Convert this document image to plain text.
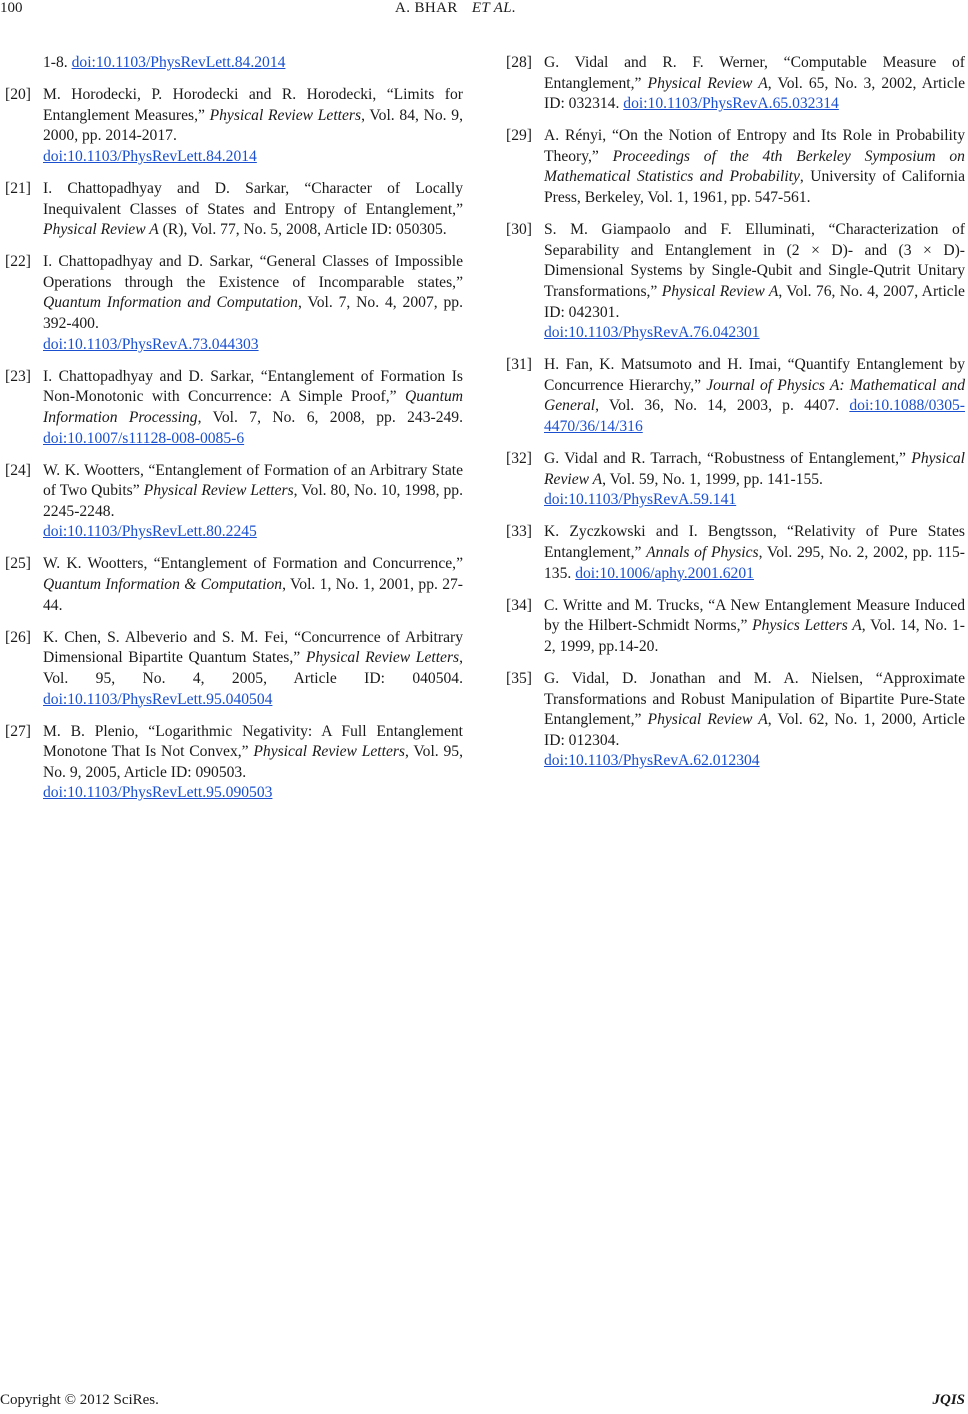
100	A. BHAR ET AL.
1-8. doi:10.1103/PhysRevLett.84.2014
[20] M. Horodecki, P. Horodecki and R. Horodecki, “Limits for Entanglement Measures,” Physical Review Letters, Vol. 84, No. 9, 2000, pp. 2014-2017.
doi:10.1103/PhysRevLett.84.2014
[21] I. Chattopadhyay and D. Sarkar, “Character of Locally Inequivalent Classes of States and Entropy of Entanglement,” Physical Review A (R), Vol. 77, No. 5, 2008, Article ID: 050305.
[22] I. Chattopadhyay and D. Sarkar, “General Classes of Impossible Operations through the Existence of Incomparable states,” Quantum Information and Computation, Vol. 7, No. 4, 2007, pp. 392-400.
doi:10.1103/PhysRevA.73.044303
[23] I. Chattopadhyay and D. Sarkar, “Entanglement of Formation Is Non-Monotonic with Concurrence: A Simple Proof,” Quantum Information Processing, Vol. 7, No. 6, 2008, pp. 243-249. doi:10.1007/s11128-008-0085-6
[24] W. K. Wootters, “Entanglement of Formation of an Arbitrary State of Two Qubits” Physical Review Letters, Vol. 80, No. 10, 1998, pp. 2245-2248.
doi:10.1103/PhysRevLett.80.2245
[25] W. K. Wootters, “Entanglement of Formation and Concurrence,” Quantum Information & Computation, Vol. 1, No. 1, 2001, pp. 27-44.
[26] K. Chen, S. Albeverio and S. M. Fei, “Concurrence of Arbitrary Dimensional Bipartite Quantum States,” Physical Review Letters, Vol. 95, No. 4, 2005, Article ID: 040504. doi:10.1103/PhysRevLett.95.040504
[27] M. B. Plenio, “Logarithmic Negativity: A Full Entanglement Monotone That Is Not Convex,” Physical Review Letters, Vol. 95, No. 9, 2005, Article ID: 090503.
doi:10.1103/PhysRevLett.95.090503
[28] G. Vidal and R. F. Werner, “Computable Measure of Entanglement,” Physical Review A, Vol. 65, No. 3, 2002, Article ID: 032314. doi:10.1103/PhysRevA.65.032314
[29] A. Rényi, “On the Notion of Entropy and Its Role in Probability Theory,” Proceedings of the 4th Berkeley Symposium on Mathematical Statistics and Probability, University of California Press, Berkeley, Vol. 1, 1961, pp. 547-561.
[30] S. M. Giampaolo and F. Elluminati, “Characterization of Separability and Entanglement in (2 × D)- and (3 × D)-Dimensional Systems by Single-Qubit and Single-Qutrit Unitary Transformations,” Physical Review A, Vol. 76, No. 4, 2007, Article ID: 042301.
doi:10.1103/PhysRevA.76.042301
[31] H. Fan, K. Matsumoto and H. Imai, “Quantify Entanglement by Concurrence Hierarchy,” Journal of Physics A: Mathematical and General, Vol. 36, No. 14, 2003, p. 4407. doi:10.1088/0305-4470/36/14/316
[32] G. Vidal and R. Tarrach, “Robustness of Entanglement,” Physical Review A, Vol. 59, No. 1, 1999, pp. 141-155.
doi:10.1103/PhysRevA.59.141
[33] K. Zyczkowski and I. Bengtsson, “Relativity of Pure States Entanglement,” Annals of Physics, Vol. 295, No. 2, 2002, pp. 115-135. doi:10.1006/aphy.2001.6201
[34] C. Writte and M. Trucks, “A New Entanglement Measure Induced by the Hilbert-Schmidt Norms,” Physics Letters A, Vol. 14, No. 1-2, 1999, pp.14-20.
[35] G. Vidal, D. Jonathan and M. A. Nielsen, “Approximate Transformations and Robust Manipulation of Bipartite Pure-State Entanglement,” Physical Review A, Vol. 62, No. 1, 2000, Article ID: 012304.
doi:10.1103/PhysRevA.62.012304
Copyright © 2012 SciRes.	JQIS
